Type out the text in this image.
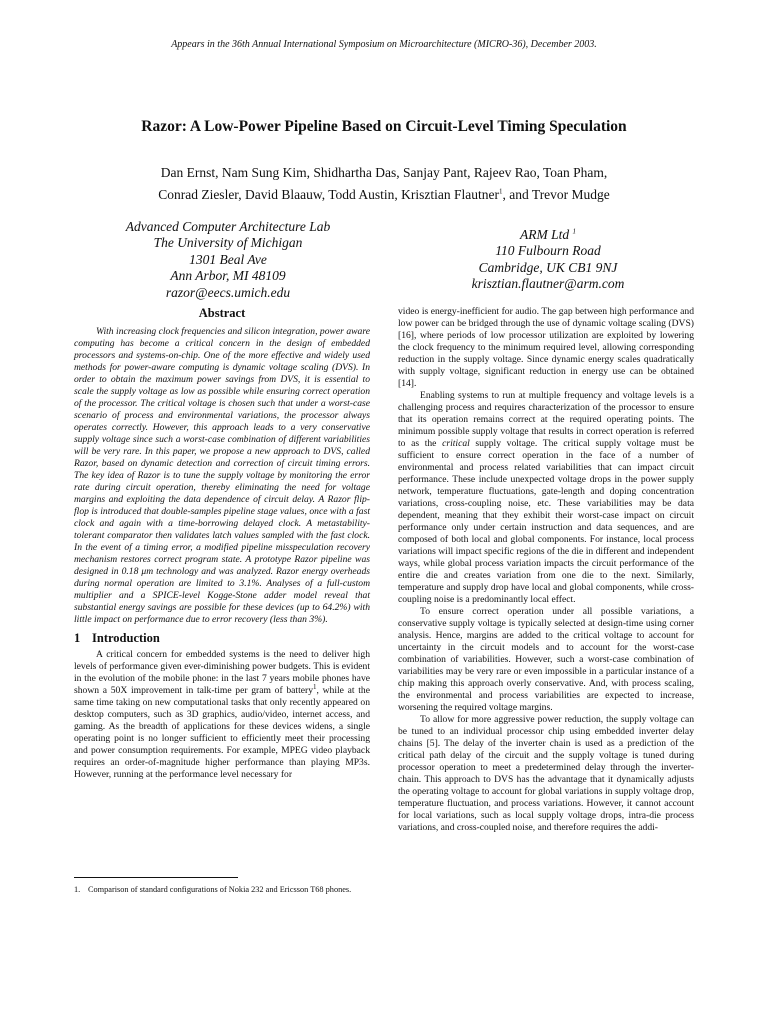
Appears in the 36th Annual International Symposium on Microarchitecture (MICRO-36), December 2003.
Razor: A Low-Power Pipeline Based on Circuit-Level Timing Speculation
Dan Ernst, Nam Sung Kim, Shidhartha Das, Sanjay Pant, Rajeev Rao, Toan Pham,
Conrad Ziesler, David Blaauw, Todd Austin, Krisztian Flautner$^1$, and Trevor Mudge
Advanced Computer Architecture Lab
The University of Michigan
1301 Beal Ave
Ann Arbor, MI 48109
razor@eecs.umich.edu
ARM Ltd $^1$
110 Fulbourn Road
Cambridge, UK CB1 9NJ
krisztian.flautner@arm.com
Abstract

With increasing clock frequencies and silicon integration, power aware computing has become a critical concern in the design of embedded processors and systems-on-chip. One of the more effective and widely used methods for power-aware computing is dynamic voltage scaling (DVS). In order to obtain the maximum power savings from DVS, it is essential to scale the supply voltage as low as possible while ensuring correct operation of the processor. The critical voltage is chosen such that under a worst-case scenario of process and environmental variations, the processor always operates correctly. However, this approach leads to a very conservative supply voltage since such a worst-case combination of different variabilities will be very rare. In this paper, we propose a new approach to DVS, called Razor, based on dynamic detection and correction of circuit timing errors. The key idea of Razor is to tune the supply voltage by monitoring the error rate during circuit operation, thereby eliminating the need for voltage margins and exploiting the data dependence of circuit delay. A Razor flip-flop is introduced that double-samples pipeline stage values, once with a fast clock and again with a time-borrowing delayed clock. A metastability-tolerant comparator then validates latch values sampled with the fast clock. In the event of a timing error, a modified pipeline misspeculation recovery mechanism restores correct program state. A prototype Razor pipeline was designed in 0.18 μm technology and was analyzed. Razor energy overheads during normal operation are limited to 3.1%. Analyses of a full-custom multiplier and a SPICE-level Kogge-Stone adder model reveal that substantial energy savings are possible for these devices (up to 64.2%) with little impact on performance due to error recovery (less than 3%).

1 Introduction

A critical concern for embedded systems is the need to deliver high levels of performance given ever-diminishing power budgets. This is evident in the evolution of the mobile phone: in the last 7 years mobile phones have shown a 50X improvement in talk-time per gram of battery$^1$, while at the same time taking on new computational tasks that only recently appeared on desktop computers, such as 3D graphics, audio/video, internet access, and gaming. As the breadth of applications for these devices widens, a single operating point is no longer sufficient to efficiently meet their processing and power consumption requirements. For example, MPEG video playback requires an order-of-magnitude higher performance than playing MP3s. However, running at the performance level necessary for

video is energy-inefficient for audio. The gap between high performance and low power can be bridged through the use of dynamic voltage scaling (DVS) [16], where periods of low processor utilization are exploited by lowering the clock frequency to the minimum required level, allowing corresponding reduction in the supply voltage. Since dynamic energy scales quadratically with supply voltage, significant reduction in energy use can be obtained [14].

Enabling systems to run at multiple frequency and voltage levels is a challenging process and requires characterization of the processor to ensure that its operation remains correct at the required operating points. The minimum possible supply voltage that results in correct operation is referred to as the critical supply voltage. The critical supply voltage must be sufficient to ensure correct operation in the face of a number of environmental and process related variabilities that can impact circuit performance. These include unexpected voltage drops in the power supply network, temperature fluctuations, gate-length and doping concentration variations, cross-coupling noise, etc. These variabilities may be data dependent, meaning that they exhibit their worst-case impact on circuit performance only under certain instruction and data sequences, and are composed of both local and global components. For instance, local process variations will impact specific regions of the die in different and independent ways, while global process variation impacts the circuit performance of the entire die and creates variation from one die to the next. Similarly, temperature and supply drop have local and global components, while cross-coupling noise is a predominantly local effect.

To ensure correct operation under all possible variations, a conservative supply voltage is typically selected at design-time using corner analysis. Hence, margins are added to the critical voltage to account for uncertainty in the circuit models and to account for the worst-case combination of variabilities. However, such a worst-case combination of variabilities may be very rare or even impossible in a particular instance of a chip making this approach overly conservative. And, with process scaling, the environmental and process variabilities are expected to increase, worsening the required voltage margins.

To allow for more aggressive power reduction, the supply voltage can be tuned to an individual processor chip using embedded inverter delay chains [5]. The delay of the inverter chain is used as a prediction of the critical path delay of the circuit and the supply voltage is tuned during processor operation to meet a predetermined delay through the inverter-chain. This approach to DVS has the advantage that it dynamically adjusts the operating voltage to account for global variations in supply voltage drop, temperature fluctuation, and process variations. However, it cannot account for local variations, such as local supply voltage drops, intra-die process variations, and cross-coupled noise, and therefore requires the addi-

1. Comparison of standard configurations of Nokia 232 and Ericsson T68 phones.
